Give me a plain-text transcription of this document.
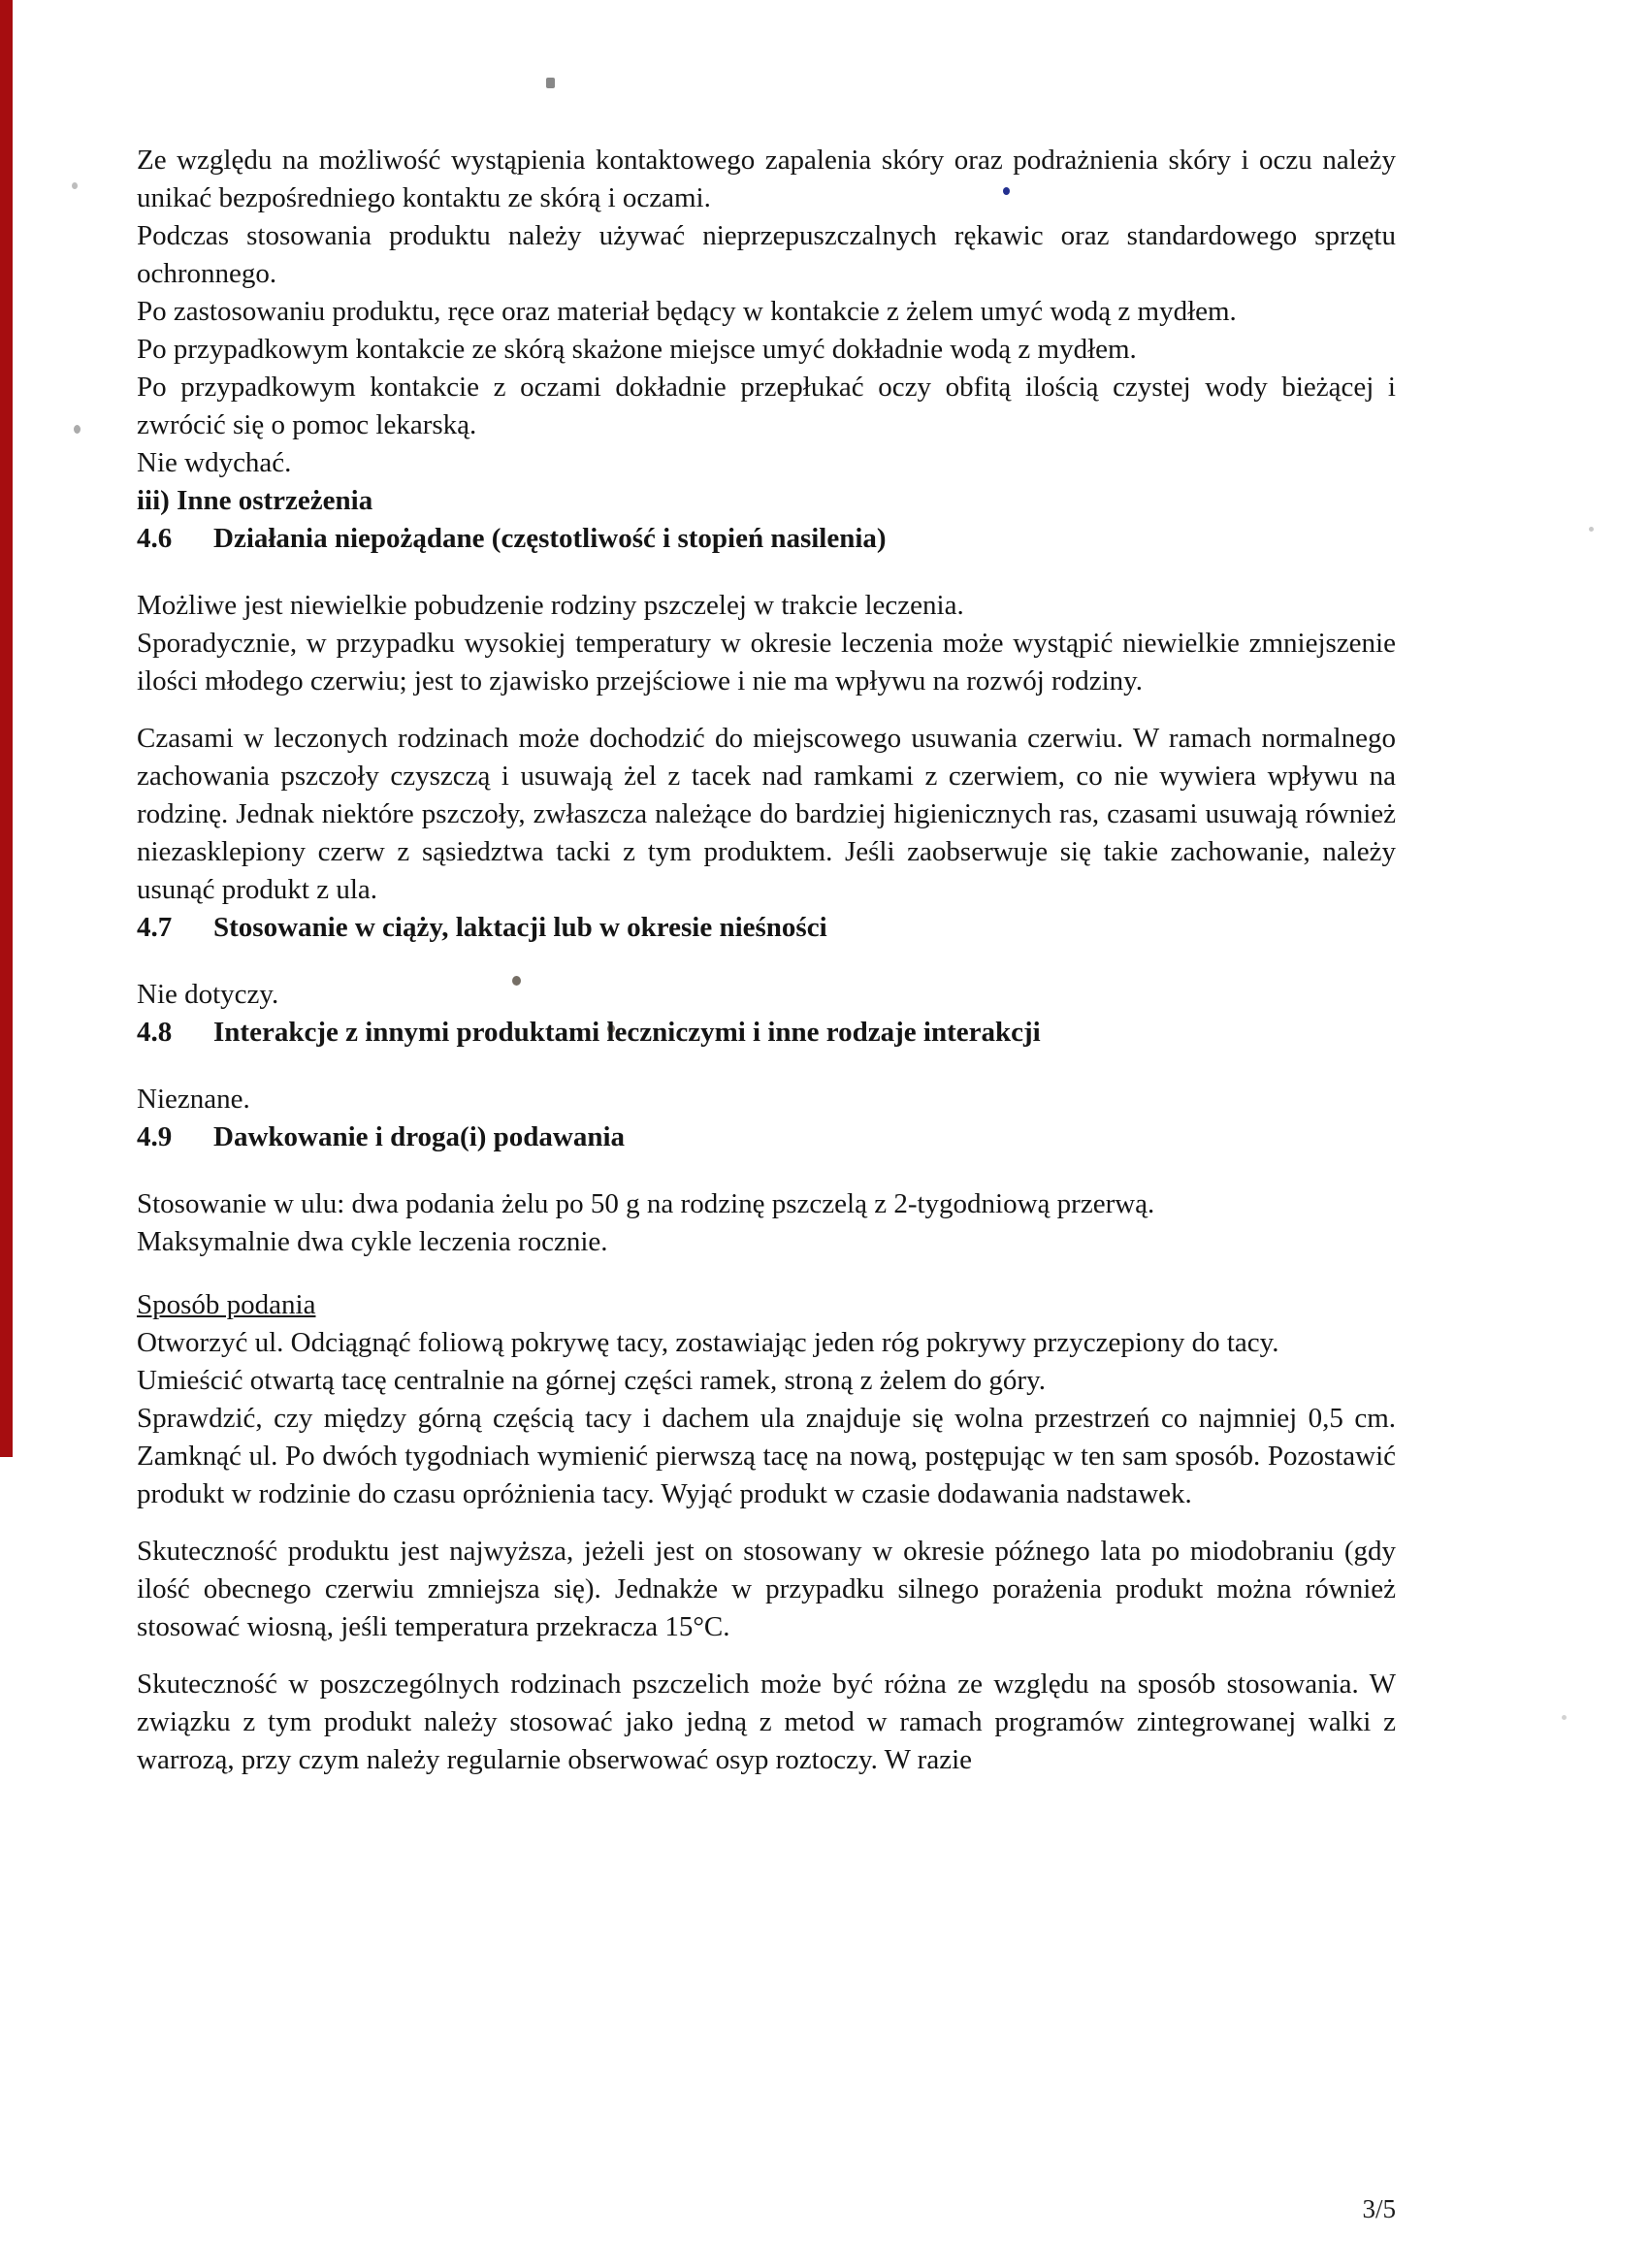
Ze względu na możliwość wystąpienia kontaktowego zapalenia skóry oraz podrażnienia skóry i oczu należy unikać bezpośredniego kontaktu ze skórą i oczami.

Podczas stosowania produktu należy używać nieprzepuszczalnych rękawic oraz standardowego sprzętu ochronnego.

Po zastosowaniu produktu, ręce oraz materiał będący w kontakcie z żelem umyć wodą z mydłem.

Po przypadkowym kontakcie ze skórą skażone miejsce umyć dokładnie wodą z mydłem.

Po przypadkowym kontakcie z oczami dokładnie przepłukać oczy obfitą ilością czystej wody bieżącej i zwrócić się o pomoc lekarską.

Nie wdychać.

iii) Inne ostrzeżenia
4.6 Działania niepożądane (częstotliwość i stopień nasilenia)

Możliwe jest niewielkie pobudzenie rodziny pszczelej w trakcie leczenia.

Sporadycznie, w przypadku wysokiej temperatury w okresie leczenia może wystąpić niewielkie zmniejszenie ilości młodego czerwiu; jest to zjawisko przejściowe i nie ma wpływu na rozwój rodziny.

Czasami w leczonych rodzinach może dochodzić do miejscowego usuwania czerwiu. W ramach normalnego zachowania pszczoły czyszczą i usuwają żel z tacek nad ramkami z czerwiem, co nie wywiera wpływu na rodzinę. Jednak niektóre pszczoły, zwłaszcza należące do bardziej higienicznych ras, czasami usuwają również niezasklepiony czerw z sąsiedztwa tacki z tym produktem. Jeśli zaobserwuje się takie zachowanie, należy usunąć produkt z ula.

4.7 Stosowanie w ciąży, laktacji lub w okresie nieśności

Nie dotyczy.

4.8 Interakcje z innymi produktami leczniczymi i inne rodzaje interakcji

Nieznane.

4.9 Dawkowanie i droga(i) podawania

Stosowanie w ulu: dwa podania żelu po 50 g na rodzinę pszczelą z 2-tygodniową przerwą.

Maksymalnie dwa cykle leczenia rocznie.

Sposób podania

Otworzyć ul. Odciągnąć foliową pokrywę tacy, zostawiając jeden róg pokrywy przyczepiony do tacy.

Umieścić otwartą tacę centralnie na górnej części ramek, stroną z żelem do góry.

Sprawdzić, czy między górną częścią tacy i dachem ula znajduje się wolna przestrzeń co najmniej 0,5 cm. Zamknąć ul. Po dwóch tygodniach wymienić pierwszą tacę na nową, postępując w ten sam sposób. Pozostawić produkt w rodzinie do czasu opróżnienia tacy. Wyjąć produkt w czasie dodawania nadstawek.

Skuteczność produktu jest najwyższa, jeżeli jest on stosowany w okresie późnego lata po miodobraniu (gdy ilość obecnego czerwiu zmniejsza się). Jednakże w przypadku silnego porażenia produkt można również stosować wiosną, jeśli temperatura przekracza 15°C.

Skuteczność w poszczególnych rodzinach pszczelich może być różna ze względu na sposób stosowania. W związku z tym produkt należy stosować jako jedną z metod w ramach programów zintegrowanej walki z warrozą, przy czym należy regularnie obserwować osyp roztoczy. W razie

3/5
